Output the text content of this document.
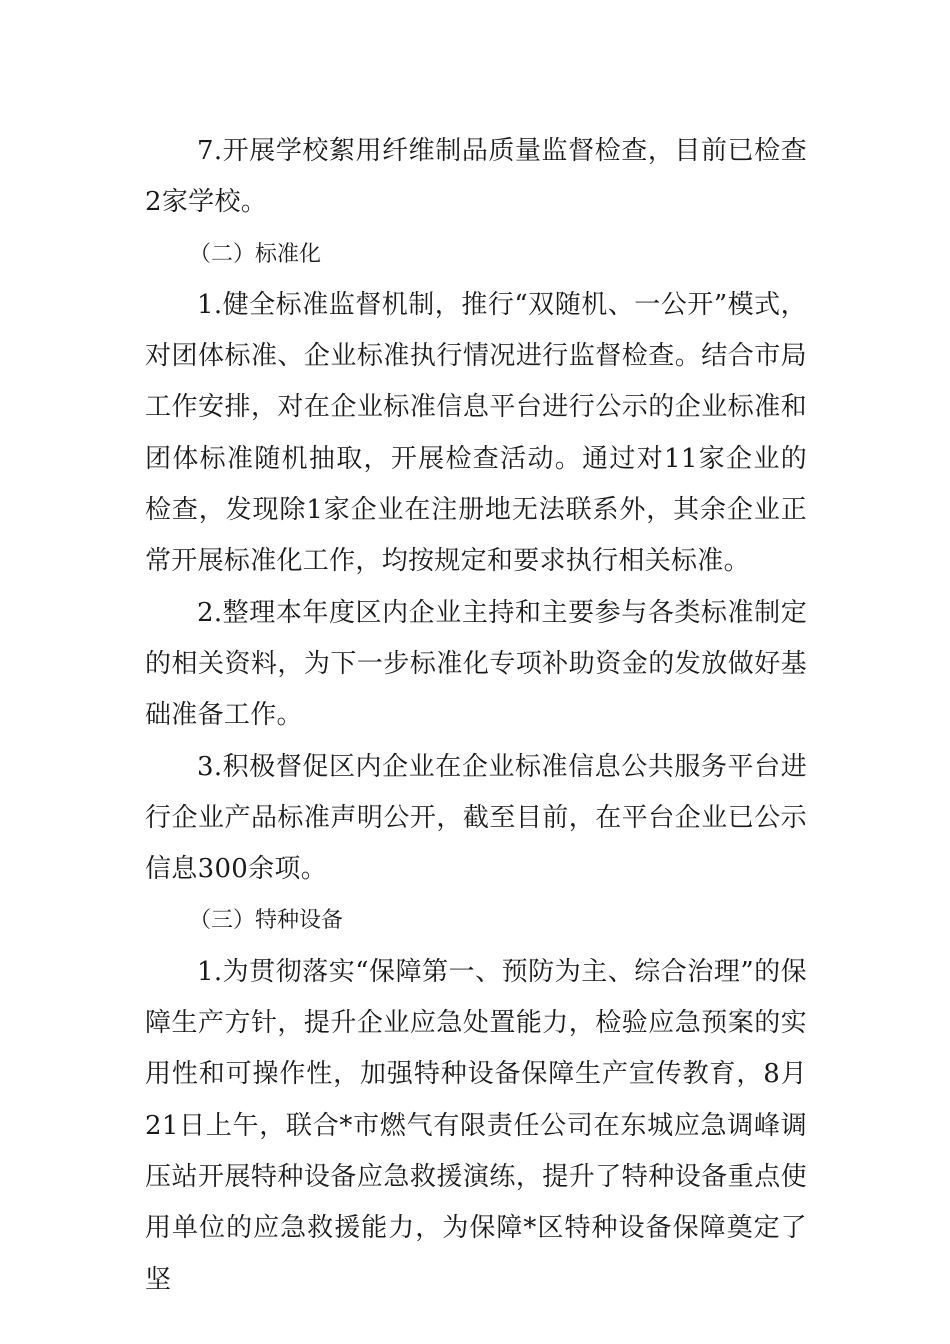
7.开展学校絮用纤维制品质量监督检查，目前已检查2家学校。

（二）标准化

1.健全标准监督机制，推行“双随机、一公开”模式，对团体标准、企业标准执行情况进行监督检查。结合市局工作安排，对在企业标准信息平台进行公示的企业标准和团体标准随机抽取，开展检查活动。通过对11家企业的检查，发现除1家企业在注册地无法联系外，其余企业正常开展标准化工作，均按规定和要求执行相关标准。

2.整理本年度区内企业主持和主要参与各类标准制定的相关资料，为下一步标准化专项补助资金的发放做好基础准备工作。

3.积极督促区内企业在企业标准信息公共服务平台进行企业产品标准声明公开，截至目前，在平台企业已公示信息300余项。

（三）特种设备

1.为贯彻落实“保障第一、预防为主、综合治理”的保障生产方针，提升企业应急处置能力，检验应急预案的实用性和可操作性，加强特种设备保障生产宣传教育，8月21日上午，联合*市燃气有限责任公司在东城应急调峰调压站开展特种设备应急救援演练，提升了特种设备重点使用单位的应急救援能力，为保障*区特种设备保障奠定了坚
